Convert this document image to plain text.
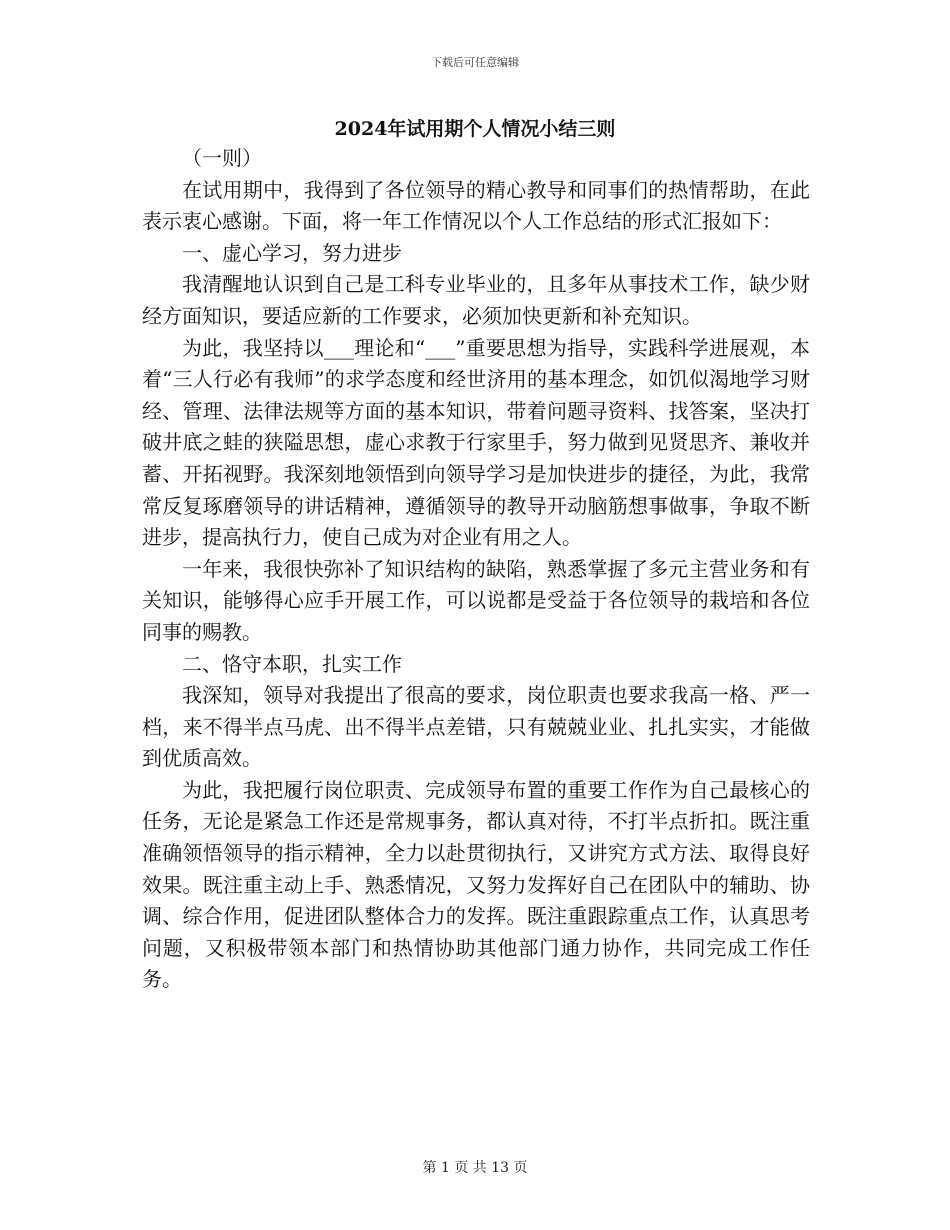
下载后可任意编辑
2024年试用期个人情况小结三则

（一则）

在试用期中，我得到了各位领导的精心教导和同事们的热情帮助，在此表示衷心感谢。下面，将一年工作情况以个人工作总结的形式汇报如下：

一、虚心学习，努力进步

我清醒地认识到自己是工科专业毕业的，且多年从事技术工作，缺少财经方面知识，要适应新的工作要求，必须加快更新和补充知识。

为此，我坚持以___理论和“___”重要思想为指导，实践科学进展观，本着“三人行必有我师”的求学态度和经世济用的基本理念，如饥似渴地学习财经、管理、法律法规等方面的基本知识，带着问题寻资料、找答案，坚决打破井底之蛙的狭隘思想，虚心求教于行家里手，努力做到见贤思齐、兼收并蓄、开拓视野。我深刻地领悟到向领导学习是加快进步的捷径，为此，我常常反复琢磨领导的讲话精神，遵循领导的教导开动脑筋想事做事，争取不断进步，提高执行力，使自己成为对企业有用之人。

一年来，我很快弥补了知识结构的缺陷，熟悉掌握了多元主营业务和有关知识，能够得心应手开展工作，可以说都是受益于各位领导的栽培和各位同事的赐教。

二、恪守本职，扎实工作

我深知，领导对我提出了很高的要求，岗位职责也要求我高一格、严一档，来不得半点马虎、出不得半点差错，只有兢兢业业、扎扎实实，才能做到优质高效。

为此，我把履行岗位职责、完成领导布置的重要工作作为自己最核心的任务，无论是紧急工作还是常规事务，都认真对待，不打半点折扣。既注重准确领悟领导的指示精神，全力以赴贯彻执行，又讲究方式方法、取得良好效果。既注重主动上手、熟悉情况，又努力发挥好自己在团队中的辅助、协调、综合作用，促进团队整体合力的发挥。既注重跟踪重点工作，认真思考问题，又积极带领本部门和热情协助其他部门通力协作，共同完成工作任务。

第 1 页 共 13 页
